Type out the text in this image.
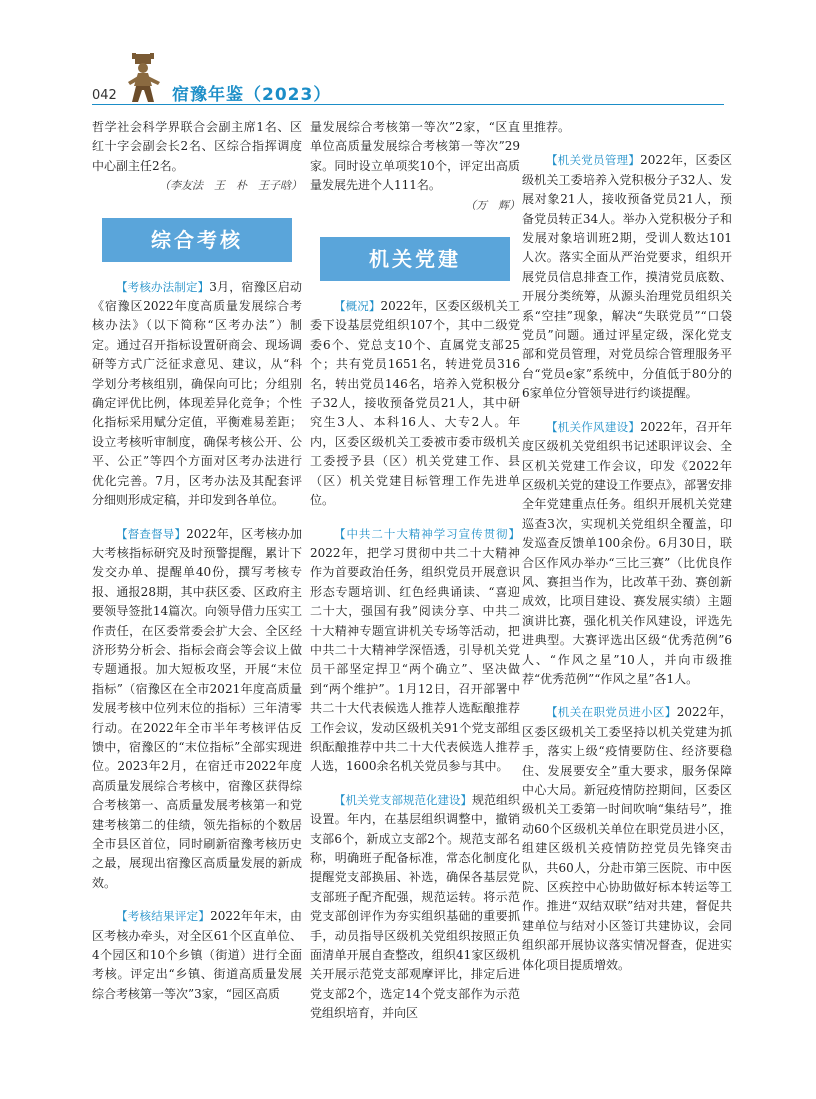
042	宿豫年鉴（2023）

哲学社会科学界联合会副主席1名、区红十字会副会长2名、区综合指挥调度中心副主任2名。

（李友法　王　朴　王子晗）

综合考核

【考核办法制定】3月，宿豫区启动《宿豫区2022年度高质量发展综合考核办法》（以下简称“区考办法”）制定。通过召开指标设置研商会、现场调研等方式广泛征求意见、建议，从“科学划分考核组别，确保向可比；分组别确定评优比例，体现差异化竞争；个性化指标采用赋分定值，平衡难易差距；设立考核听审制度，确保考核公开、公平、公正”等四个方面对区考办法进行优化完善。7月，区考办法及其配套评分细则形成定稿，并印发到各单位。

【督查督导】2022年，区考核办加大考核指标研究及时预警提醒，累计下发交办单、提醒单40份，撰写考核专报、通报28期，其中获区委、区政府主要领导签批14篇次。向领导借力压实工作责任，在区委常委会扩大会、全区经济形势分析会、指标会商会等会议上做专题通报。加大短板攻坚，开展“末位指标”（宿豫区在全市2021年度高质量发展考核中位列末位的指标）三年清零行动。在2022年全市半年考核评估反馈中，宿豫区的“末位指标”全部实现进位。2023年2月，在宿迁市2022年度高质量发展综合考核中，宿豫区获得综合考核第一、高质量发展考核第一和党建考核第二的佳绩，领先指标的个数居全市县区首位，同时刷新宿豫考核历史之最，展现出宿豫区高质量发展的新成效。

【考核结果评定】2022年年末，由区考核办牵头，对全区61个区直单位、4个园区和10个乡镇（街道）进行全面考核。评定出“乡镇、街道高质量发展综合考核第一等次”3家，“园区高质

量发展综合考核第一等次”2家，“区直单位高质量发展综合考核第一等次”29家。同时设立单项奖10个，评定出高质量发展先进个人111名。

（万　辉）

机关党建

【概况】2022年，区委区级机关工委下设基层党组织107个，其中二级党委6个、党总支10个、直属党支部25个；共有党员1651名，转进党员316名，转出党员146名，培养入党积极分子32人，接收预备党员21人，其中研究生3人、本科16人、大专2人。年内，区委区级机关工委被市委市级机关工委授予县（区）机关党建工作、县（区）机关党建目标管理工作先进单位。

【中共二十大精神学习宣传贯彻】2022年，把学习贯彻中共二十大精神作为首要政治任务，组织党员开展意识形态专题培训、红色经典诵读、“喜迎二十大，强国有我”阅读分享、中共二十大精神专题宣讲机关专场等活动，把中共二十大精神学深悟透，引导机关党员干部坚定捍卫“两个确立”、坚决做到“两个维护”。1月12日，召开部署中共二十大代表候选人推荐人选酝酿推荐工作会议，发动区级机关91个党支部组织酝酿推荐中共二十大代表候选人推荐人选，1600余名机关党员参与其中。

【机关党支部规范化建设】规范组织设置。年内，在基层组织调整中，撤销支部6个，新成立支部2个。规范支部名称，明确班子配备标准，常态化制度化提醒党支部换届、补选，确保各基层党支部班子配齐配强，规范运转。将示范党支部创评作为夯实组织基础的重要抓手，动员指导区级机关党组织按照正负面清单开展自查整改，组织41家区级机关开展示范党支部观摩评比，排定后进党支部2个，选定14个党支部作为示范党组织培育，并向区

里推荐。

【机关党员管理】2022年，区委区级机关工委培养入党积极分子32人、发展对象21人，接收预备党员21人，预备党员转正34人。举办入党积极分子和发展对象培训班2期，受训人数达101人次。落实全面从严治党要求，组织开展党员信息排查工作，摸清党员底数、开展分类统筹，从源头治理党员组织关系“空挂”现象，解决“失联党员”“口袋党员”问题。通过评星定级，深化党支部和党员管理，对党员综合管理服务平台“党员e家”系统中，分值低于80分的6家单位分管领导进行约谈提醒。

【机关作风建设】2022年，召开年度区级机关党组织书记述职评议会、全区机关党建工作会议，印发《2022年区级机关党的建设工作要点》，部署安排全年党建重点任务。组织开展机关党建巡查3次，实现机关党组织全覆盖，印发巡查反馈单100余份。6月30日，联合区作风办举办“三比三赛”（比优良作风、赛担当作为，比改革干劲、赛创新成效，比项目建设、赛发展实绩）主题演讲比赛，强化机关作风建设，评选先进典型。大赛评选出区级“优秀范例”6人、“作风之星”10人，并向市级推荐“优秀范例”“作风之星”各1人。

【机关在职党员进小区】2022年，区委区级机关工委坚持以机关党建为抓手，落实上级“疫情要防住、经济要稳住、发展要安全”重大要求，服务保障中心大局。新冠疫情防控期间，区委区级机关工委第一时间吹响“集结号”，推动60个区级机关单位在职党员进小区，组建区级机关疫情防控党员先锋突击队，共60人，分赴市第三医院、市中医院、区疾控中心协助做好标本转运等工作。推进“双结双联”结对共建，督促共建单位与结对小区签订共建协议，会同组织部开展协议落实情况督查，促进实体化项目提质增效。
